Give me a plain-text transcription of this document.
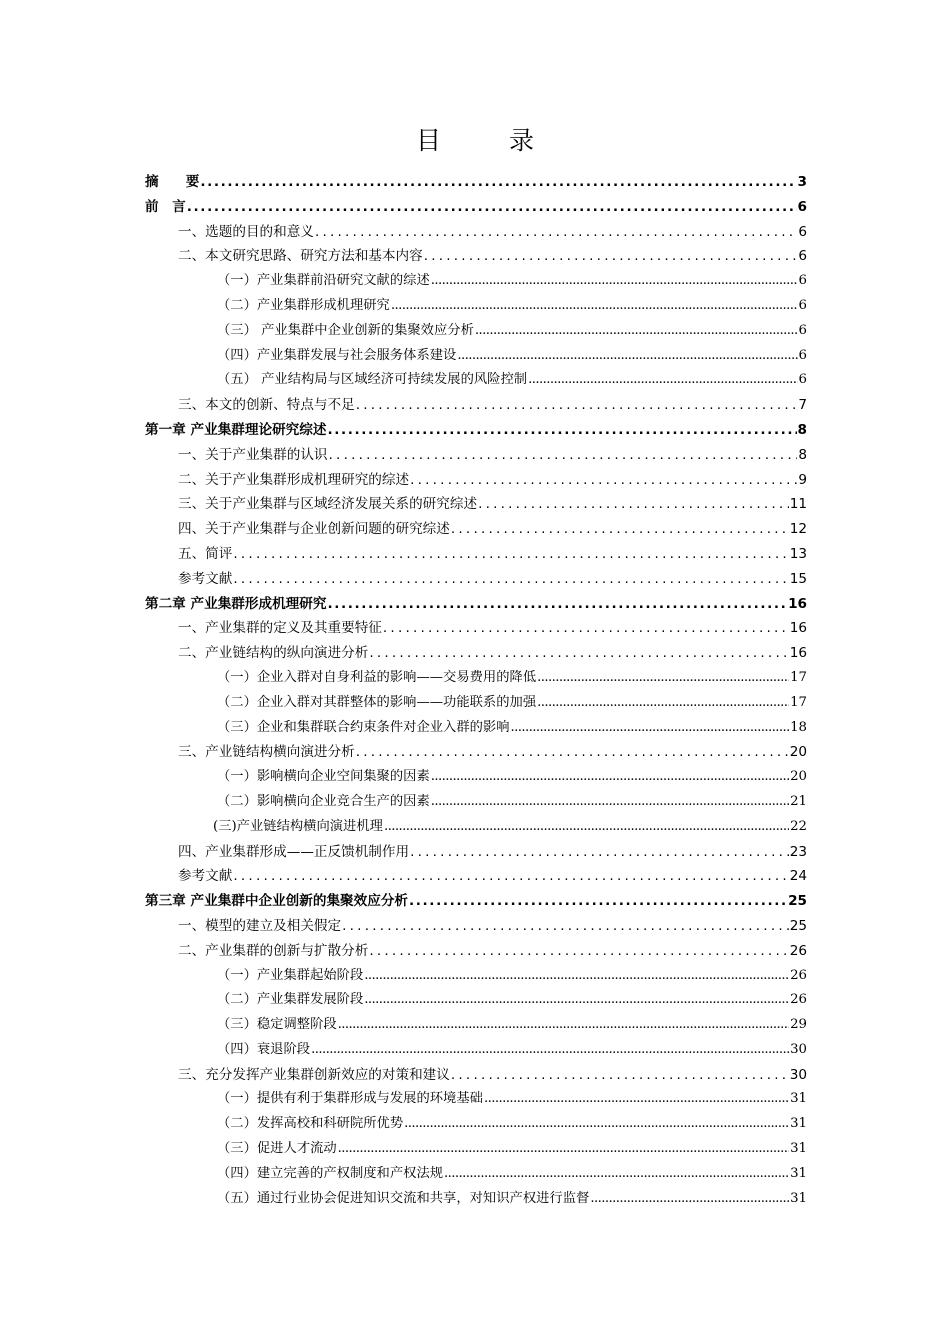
目 录
摘　　要 .....	3
前　言 .....	6
一、选题的目的和意义 .....	6
二、本文研究思路、研究方法和基本内容 .....	6
（一）产业集群前沿研究文献的综述 .....	6
（二）产业集群形成机理研究 .....	6
（三） 产业集群中企业创新的集聚效应分析 .....	6
（四）产业集群发展与社会服务体系建设 .....	6
（五） 产业结构局与区域经济可持续发展的风险控制 .....	6
三、本文的创新、特点与不足 .....	7
第一章 产业集群理论研究综述 .....	8
一、关于产业集群的认识 .....	8
二、关于产业集群形成机理研究的综述 .....	9
三、关于产业集群与区域经济发展关系的研究综述 .....	11
四、关于产业集群与企业创新问题的研究综述 .....	12
五、简评 .....	13
参考文献 .....	15
第二章 产业集群形成机理研究 .....	16
一、产业集群的定义及其重要特征 .....	16
二、产业链结构的纵向演进分析 .....	16
（一）企业入群对自身利益的影响——交易费用的降低 .....	17
（二）企业入群对其群整体的影响——功能联系的加强 .....	17
（三）企业和集群联合约束条件对企业入群的影响 .....	18
三、产业链结构横向演进分析 .....	20
（一）影响横向企业空间集聚的因素 .....	20
（二）影响横向企业竞合生产的因素 .....	21
(三)产业链结构横向演进机理 .....	22
四、产业集群形成——正反馈机制作用 .....	23
参考文献 .....	24
第三章 产业集群中企业创新的集聚效应分析 .....	25
一、模型的建立及相关假定 .....	25
二、产业集群的创新与扩散分析 .....	26
（一）产业集群起始阶段 .....	26
（二）产业集群发展阶段 .....	26
（三）稳定调整阶段 .....	29
（四）衰退阶段 .....	30
三、充分发挥产业集群创新效应的对策和建议 .....	30
（一）提供有利于集群形成与发展的环境基础 .....	31
（二）发挥高校和科研院所优势 .....	31
（三）促进人才流动 .....	31
（四）建立完善的产权制度和产权法规 .....	31
（五）通过行业协会促进知识交流和共享，对知识产权进行监督 .....	31
